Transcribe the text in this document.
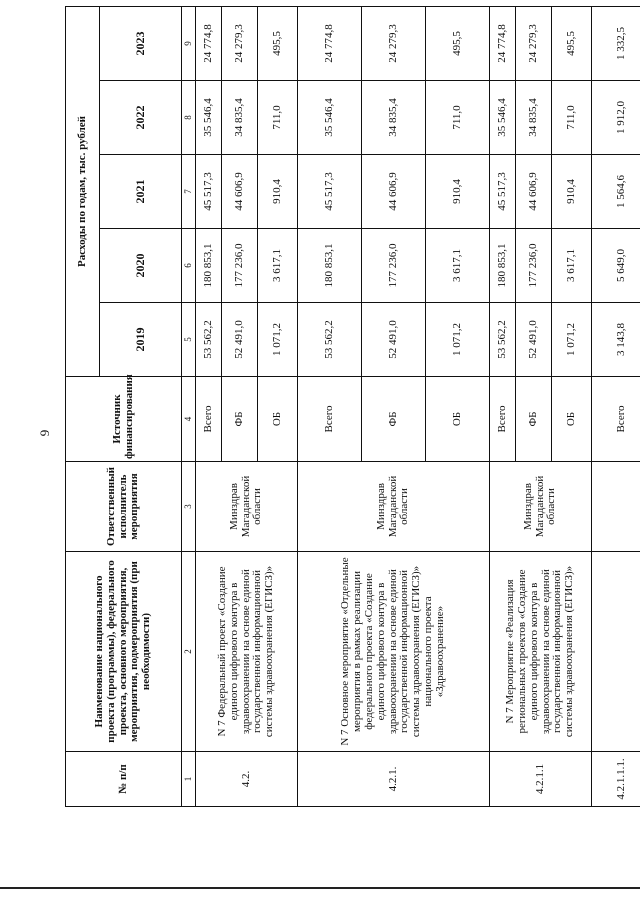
9
№ п/п	Наименование национального проекта (программы), федерального проекта, основного мероприятия, мероприятия, подмероприятия (при необходимости)	Ответственный исполнитель мероприятия	Источник финансирования	Расходы по годам, тыс. рублей				
				2019	2020	2021	2022	2023
1	2	3	4	5	6	7	8	9
4.2.	N 7 Федеральный проект «Создание единого цифрового контура в здравоохранении на основе единой государственной информационной системы здравоохранения (ЕГИСЗ)»	Минздрав Магаданской области	Всего	53 562,2	180 853,1	45 517,3	35 546,4	24 774,8
			ФБ	52 491,0	177 236,0	44 606,9	34 835,4	24 279,3
			ОБ	1 071,2	3 617,1	910,4	711,0	495,5
4.2.1.	N 7 Основное мероприятие «Отдельные мероприятия в рамках реализации федерального проекта «Создание единого цифрового контура в здравоохранении на основе единой государственной информационной системы здравоохранения (ЕГИСЗ)» национального проекта «Здравоохранение»	Минздрав Магаданской области	Всего	53 562,2	180 853,1	45 517,3	35 546,4	24 774,8
			ФБ	52 491,0	177 236,0	44 606,9	34 835,4	24 279,3
			ОБ	1 071,2	3 617,1	910,4	711,0	495,5
4.2.1.1	N 7 Мероприятие «Реализация региональных проектов «Создание единого цифрового контура в здравоохранении на основе единой государственной информационной системы здравоохранения (ЕГИСЗ)»	Минздрав Магаданской области	Всего	53 562,2	180 853,1	45 517,3	35 546,4	24 774,8
			ФБ	52 491,0	177 236,0	44 606,9	34 835,4	24 279,3
			ОБ	1 071,2	3 617,1	910,4	711,0	495,5
4.2.1.1.1.			Всего	3 143,8	5 649,0	1 564,6	1 912,0	1 332,5
